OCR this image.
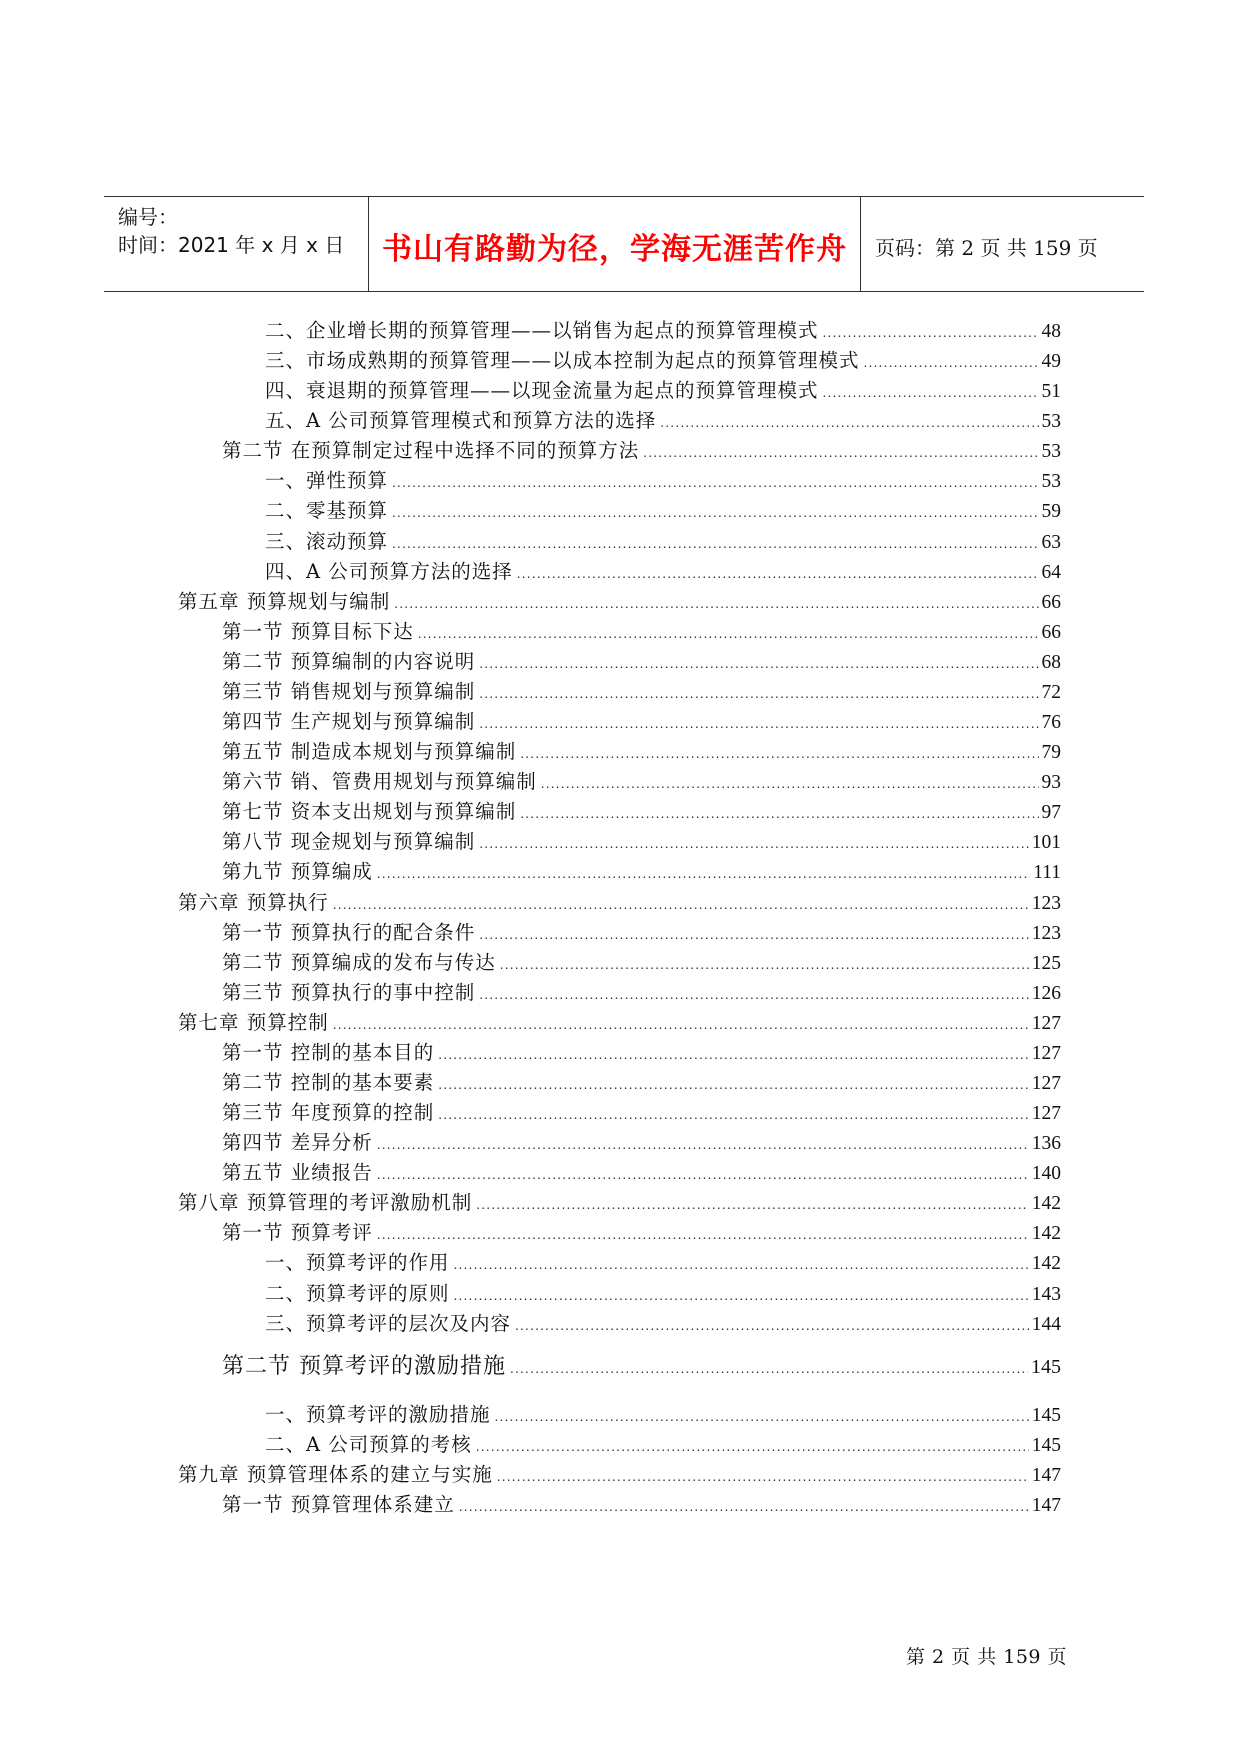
编号：
时间：2021 年 x 月 x 日 书山有路勤为径，学海无涯苦作舟 页码：第 2 页 共 159 页
二、企业增长期的预算管理——以销售为起点的预算管理模式 .....	48
三、市场成熟期的预算管理——以成本控制为起点的预算管理模式 .....	49
四、衰退期的预算管理——以现金流量为起点的预算管理模式 .....	51
五、A 公司预算管理模式和预算方法的选择 .....	53
第二节 在预算制定过程中选择不同的预算方法 .....	53
一、弹性预算 .....	53
二、零基预算 .....	59
三、滚动预算 .....	63
四、A 公司预算方法的选择 .....	64
第五章 预算规划与编制 .....	66
第一节 预算目标下达 .....	66
第二节 预算编制的内容说明 .....	68
第三节 销售规划与预算编制 .....	72
第四节 生产规划与预算编制 .....	76
第五节 制造成本规划与预算编制 .....	79
第六节 销、管费用规划与预算编制 .....	93
第七节 资本支出规划与预算编制 .....	97
第八节 现金规划与预算编制 .....	101
第九节 预算编成 .....	111
第六章 预算执行 .....	123
第一节 预算执行的配合条件 .....	123
第二节 预算编成的发布与传达 .....	125
第三节 预算执行的事中控制 .....	126
第七章 预算控制 .....	127
第一节 控制的基本目的 .....	127
第二节 控制的基本要素 .....	127
第三节 年度预算的控制 .....	127
第四节 差异分析 .....	136
第五节 业绩报告 .....	140
第八章 预算管理的考评激励机制 .....	142
第一节 预算考评 .....	142
一、预算考评的作用 .....	142
二、预算考评的原则 .....	143
三、预算考评的层次及内容 .....	144
第二节 预算考评的激励措施 .....	145
一、预算考评的激励措施 .....	145
二、A 公司预算的考核 .....	145
第九章 预算管理体系的建立与实施 .....	147
第一节 预算管理体系建立 .....	147
第 2 页 共 159 页
